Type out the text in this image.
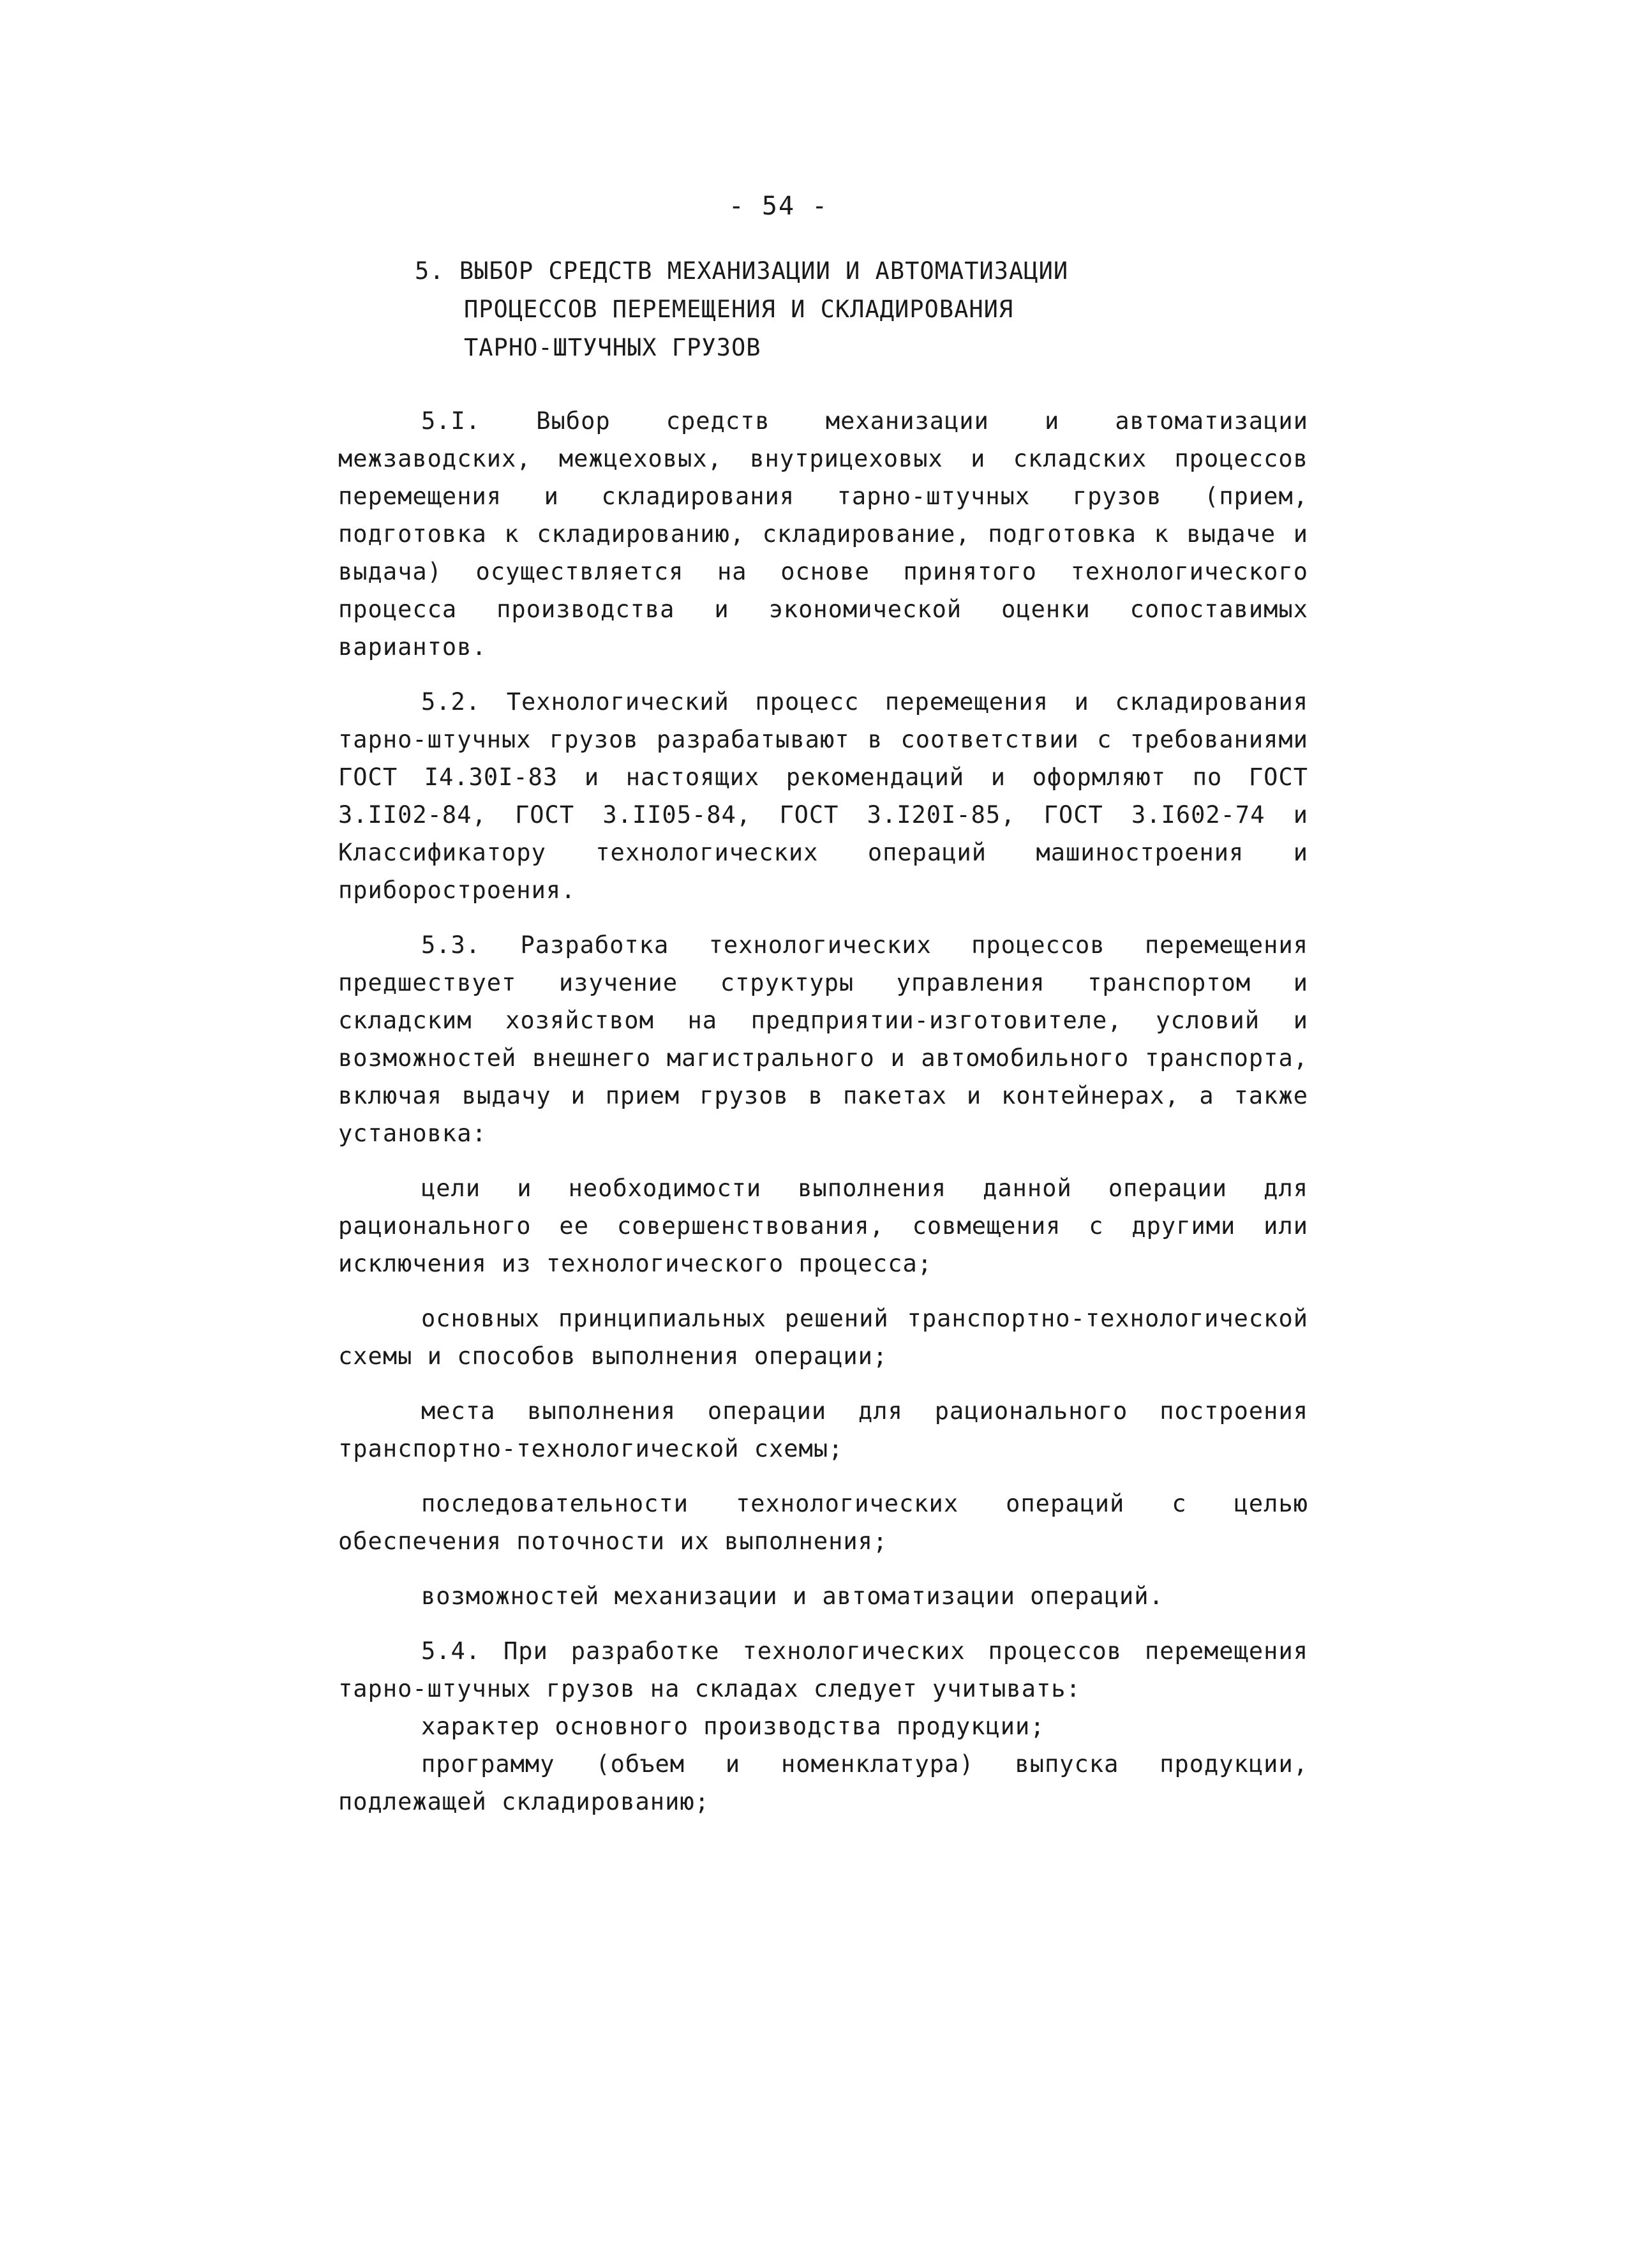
- 54 -
5. ВЫБОР СРЕДСТВ МЕХАНИЗАЦИИ И АВТОМАТИЗАЦИИ
ПРОЦЕССОВ ПЕРЕМЕЩЕНИЯ И СКЛАДИРОВАНИЯ
ТАРНО-ШТУЧНЫХ ГРУЗОВ

5.I. Выбор средств механизации и автоматизации межзаводских, межцеховых, внутрицеховых и складских процессов перемещения и складирования тарно-штучных грузов (прием, подготовка к складированию, складирование, подготовка к выдаче и выдача) осуществляется на основе принятого технологического процесса производства и экономической оценки сопоставимых вариантов.

5.2. Технологический процесс перемещения и складирования тарно-штучных грузов разрабатывают в соответствии с требованиями ГОСТ I4.30I-83 и настоящих рекомендаций и оформляют по ГОСТ 3.II02-84, ГОСТ 3.II05-84, ГОСТ 3.I20I-85, ГОСТ 3.I602-74 и Классификатору технологических операций машиностроения и приборостроения.

5.3. Разработка технологических процессов перемещения предшествует изучение структуры управления транспортом и складским хозяйством на предприятии-изготовителе, условий и возможностей внешнего магистрального и автомобильного транспорта, включая выдачу и прием грузов в пакетах и контейнерах, а также установка:

цели и необходимости выполнения данной операции для рационального ее совершенствования, совмещения с другими или исключения из технологического процесса;

основных принципиальных решений транспортно-технологической схемы и способов выполнения операции;

места выполнения операции для рационального построения транспортно-технологической схемы;

последовательности технологических операций с целью обеспечения поточности их выполнения;

возможностей механизации и автоматизации операций.

5.4. При разработке технологических процессов перемещения тарно-штучных грузов на складах следует учитывать:

характер основного производства продукции;

программу (объем и номенклатура) выпуска продукции, подлежащей складированию;
